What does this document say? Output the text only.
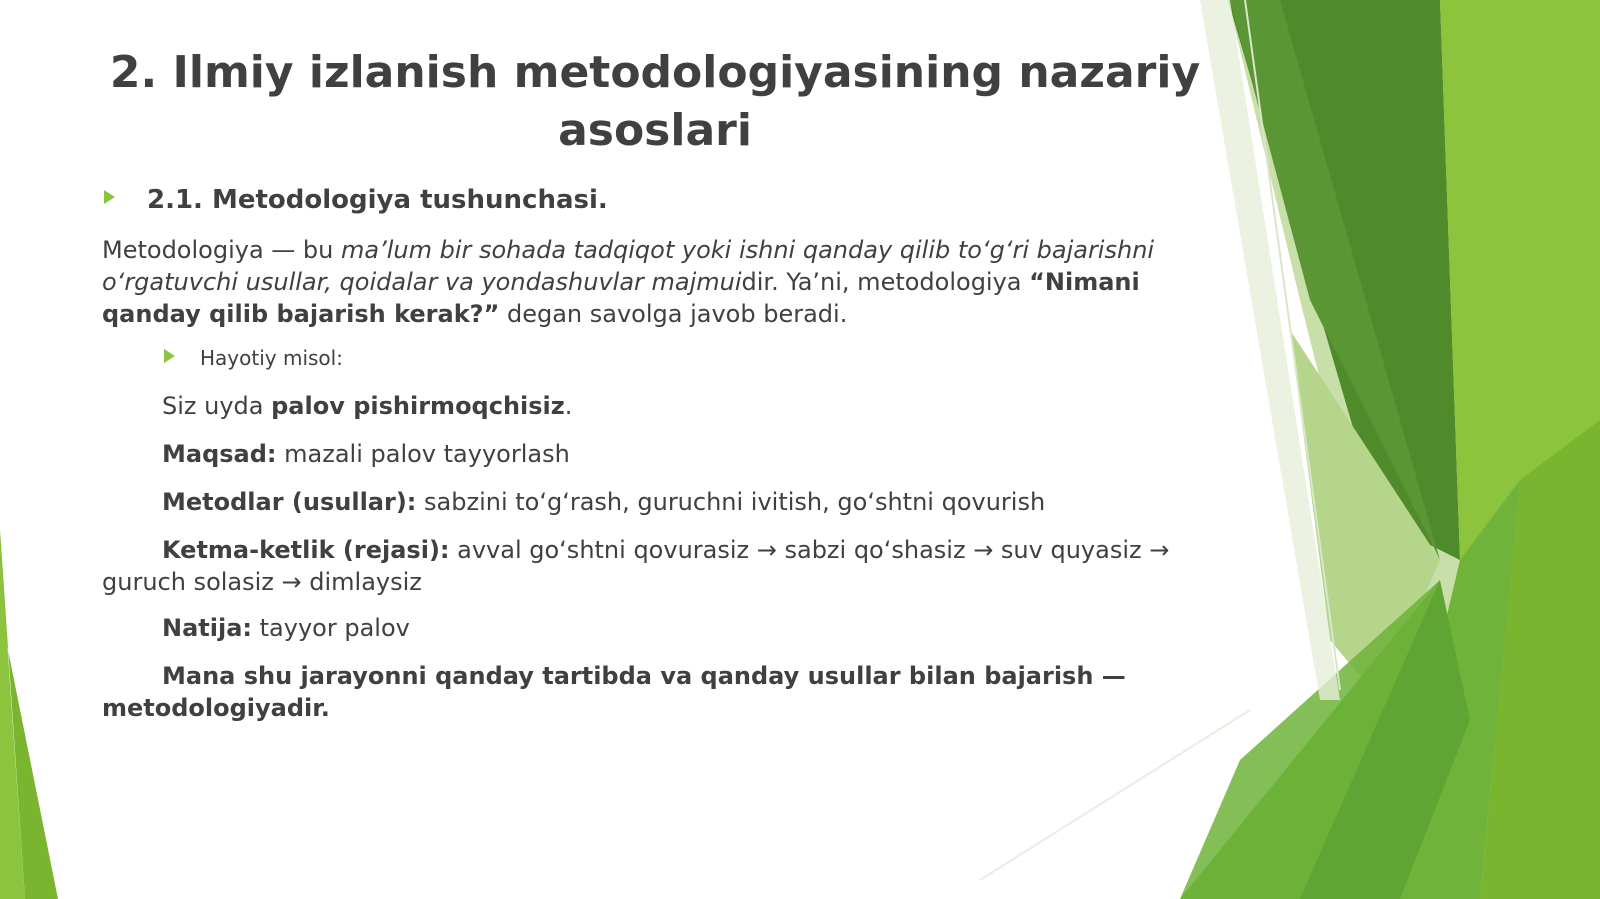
2. Ilmiy izlanish metodologiyasining nazariy asoslari
2.1. Metodologiya tushunchasi.

Metodologiya — bu ma’lum bir sohada tadqiqot yoki ishni qanday qilib to‘g‘ri bajarishni o‘rgatuvchi usullar, qoidalar va yondashuvlar majmuidir. Ya’ni, metodologiya “Nimani qanday qilib bajarish kerak?” degan savolga javob beradi.

Hayotiy misol:

Siz uyda palov pishirmoqchisiz.

Maqsad: mazali palov tayyorlash

Metodlar (usullar): sabzini to‘g‘rash, guruchni ivitish, go‘shtni qovurish

Ketma-ketlik (rejasi): avval go‘shtni qovurasiz → sabzi qo‘shasiz → suv quyasiz → guruch solasiz → dimlaysiz

Natija: tayyor palov

Mana shu jarayonni qanday tartibda va qanday usullar bilan bajarish — metodologiyadir.
